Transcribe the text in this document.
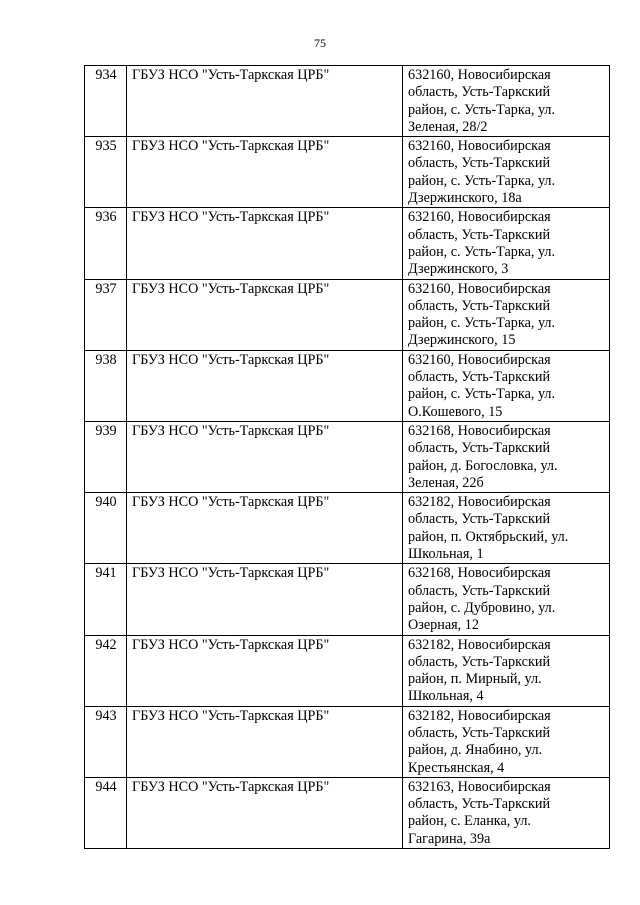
75
934	ГБУЗ НСО "Усть-Таркская ЦРБ"	632160, Новосибирская
область, Усть-Таркский
район, с. Усть-Тарка, ул.
Зеленая, 28/2
935	ГБУЗ НСО "Усть-Таркская ЦРБ"	632160, Новосибирская
область, Усть-Таркский
район, с. Усть-Тарка, ул.
Дзержинского, 18а
936	ГБУЗ НСО "Усть-Таркская ЦРБ"	632160, Новосибирская
область, Усть-Таркский
район, с. Усть-Тарка, ул.
Дзержинского, 3
937	ГБУЗ НСО "Усть-Таркская ЦРБ"	632160, Новосибирская
область, Усть-Таркский
район, с. Усть-Тарка, ул.
Дзержинского, 15
938	ГБУЗ НСО "Усть-Таркская ЦРБ"	632160, Новосибирская
область, Усть-Таркский
район, с. Усть-Тарка, ул.
О.Кошевого, 15
939	ГБУЗ НСО "Усть-Таркская ЦРБ"	632168, Новосибирская
область, Усть-Таркский
район, д. Богословка, ул.
Зеленая, 22б
940	ГБУЗ НСО "Усть-Таркская ЦРБ"	632182, Новосибирская
область, Усть-Таркский
район, п. Октябрьский, ул.
Школьная, 1
941	ГБУЗ НСО "Усть-Таркская ЦРБ"	632168, Новосибирская
область, Усть-Таркский
район, с. Дубровино, ул.
Озерная, 12
942	ГБУЗ НСО "Усть-Таркская ЦРБ"	632182, Новосибирская
область, Усть-Таркский
район, п. Мирный, ул.
Школьная, 4
943	ГБУЗ НСО "Усть-Таркская ЦРБ"	632182, Новосибирская
область, Усть-Таркский
район, д. Янабино, ул.
Крестьянская, 4
944	ГБУЗ НСО "Усть-Таркская ЦРБ"	632163, Новосибирская
область, Усть-Таркский
район, с. Еланка, ул.
Гагарина, 39а
